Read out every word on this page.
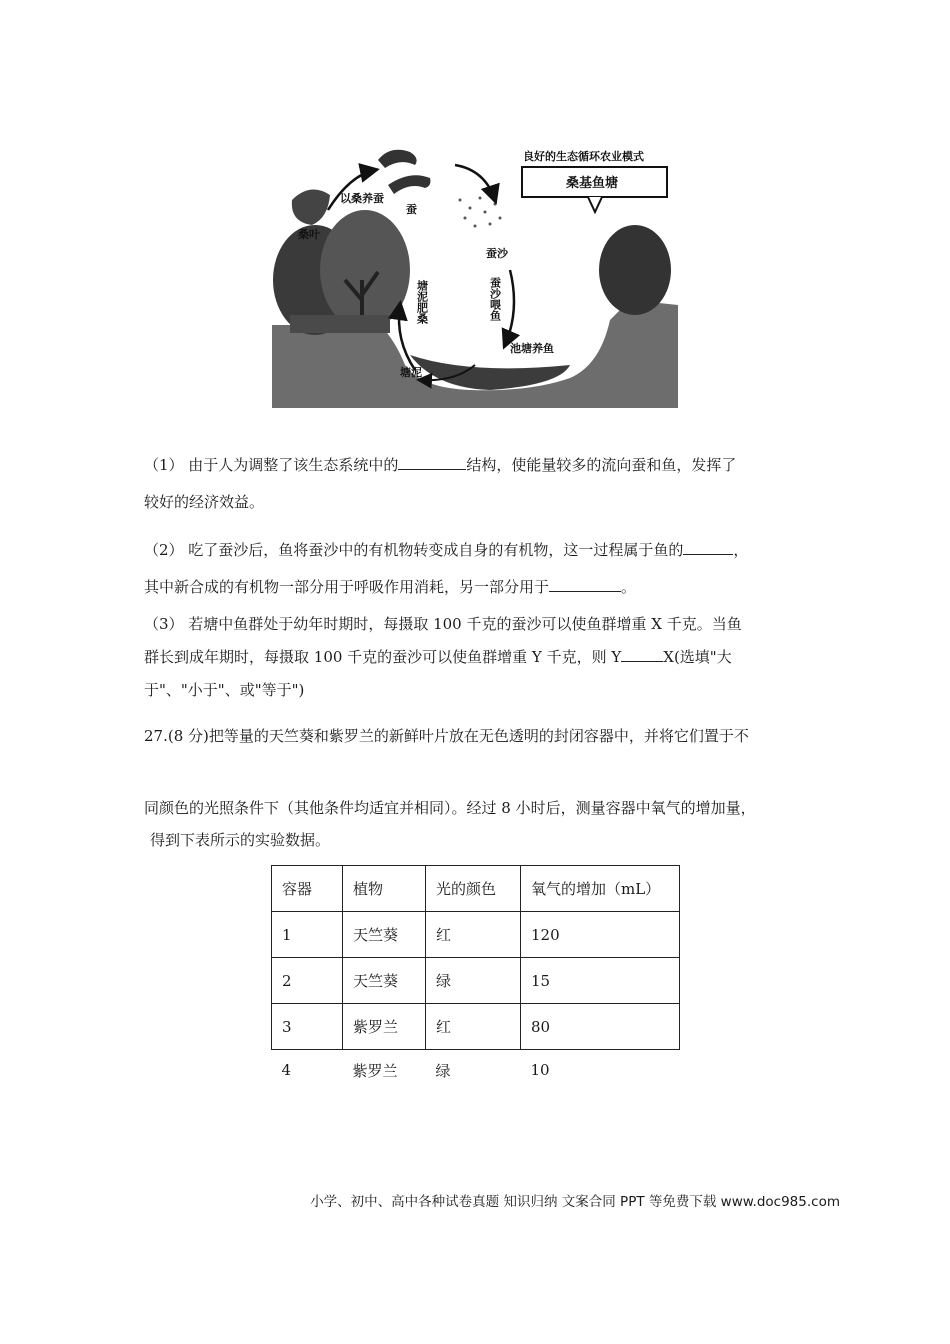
良好的生态循环农业模式
桑基鱼塘
桑叶
以桑养蚕
蚕
蚕沙
蚕沙喂鱼
塘泥肥桑
池塘养鱼
塘泥
（1） 由于人为调整了该生态系统中的	结构，使能量较多的流向蚕和鱼，发挥了
较好的经济效益。
（2） 吃了蚕沙后，鱼将蚕沙中的有机物转变成自身的有机物，这一过程属于鱼的	，
其中新合成的有机物一部分用于呼吸作用消耗，另一部分用于	。
（3） 若塘中鱼群处于幼年时期时，每摄取 100 千克的蚕沙可以使鱼群增重 X 千克。当鱼
群长到成年期时，每摄取 100 千克的蚕沙可以使鱼群增重 Y 千克，则 Y	X(选填"大
于"、"小于"、或"等于")
27.(8 分)把等量的天竺葵和紫罗兰的新鲜叶片放在无色透明的封闭容器中，并将它们置于不
同颜色的光照条件下（其他条件均适宜并相同）。经过 8 小时后，测量容器中氧气的增加量，
得到下表所示的实验数据。
容器	植物	光的颜色	氧气的增加（mL）
1	天竺葵	红	120
2	天竺葵	绿	15
3	紫罗兰	红	80
4	紫罗兰	绿	10
小学、初中、高中各种试卷真题 知识归纳 文案合同 PPT 等免费下载 www.doc985.com
